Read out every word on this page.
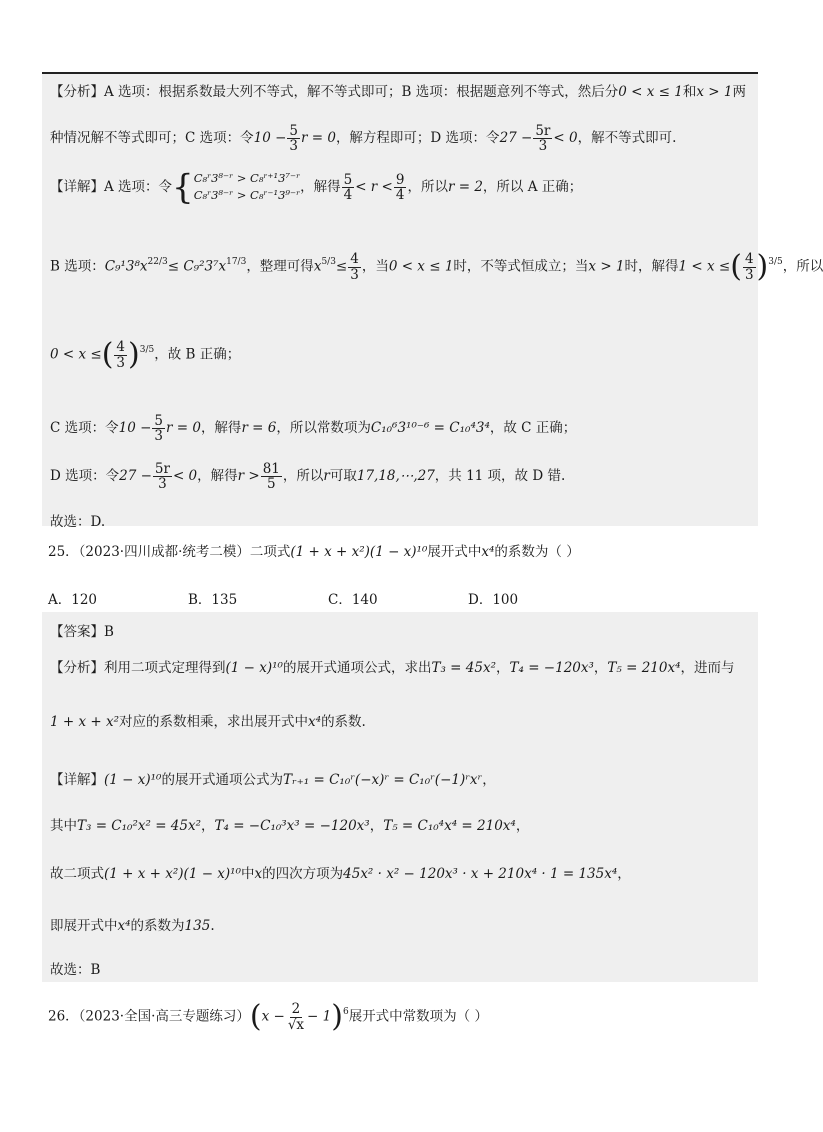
【分析】A 选项：根据系数最大列不等式，解不等式即可；B 选项：根据题意列不等式，然后分0 < x ≤ 1和x > 1两
种情况解不等式即可；C 选项：令$10 - \frac{5}{3}$ r = 0，解方程即可；D 选项：令$27 - \frac{5r}{3} < 0$，解不等式即可.
【详解】A 选项：令{ C₈ʳ3⁸⁻ʳ > C₈ʳ⁺¹3⁷⁻ʳ
C₈ʳ3⁸⁻ʳ > C₈ʳ⁻¹3⁹⁻ʳ
，解得 $\frac{5}{4} < r < \frac{9}{4}$ ，所以r = 2，所以 A 正确；
B 选项：$C_9^13^8x^{22/3}\le C_9^23^7x^{17/3}$，整理可得$x^{5/3}\le \frac{4}{3}$ ，当0 < x ≤ 1时，不等式恒成立；当x > 1时，解得1 < x ≤( $\frac{4}{3} )^{3/5}$，所以
0 < x ≤( $\frac{4}{3} )^{3/5}$，故 B 正确；
C 选项：令$10 - \frac{5}{3}$ r = 0，解得r = 6，所以常数项为C₁₀⁶3¹⁰⁻⁶ = C₁₀⁴3⁴，故 C 正确；
D 选项：令$27 - \frac{5r}{3} < 0$，解得$r > \frac{81}{5}$ ，所以r可取17,18,⋯,27，共 11 项，故 D 错.
故选：D.
25．（2023·四川成都·统考二模）二项式(1 + x + x²)(1 − x)¹⁰展开式中x⁴的系数为（ ）
A．120	B．135	C．140	D．100
【答案】B
【分析】利用二项式定理得到(1 − x)¹⁰的展开式通项公式，求出T₃ = 45x²，T₄ = −120x³，T₅ = 210x⁴，进而与
1 + x + x²对应的系数相乘，求出展开式中x⁴的系数.
【详解】(1 − x)¹⁰的展开式通项公式为Tᵣ₊₁ = C₁₀ʳ(−x)ʳ = C₁₀ʳ(−1)ʳxʳ，
其中T₃ = C₁₀²x² = 45x²，T₄ = −C₁₀³x³ = −120x³，T₅ = C₁₀⁴x⁴ = 210x⁴，
故二项式(1 + x + x²)(1 − x)¹⁰中x的四次方项为45x² · x² − 120x³ · x + 210x⁴ · 1 = 135x⁴，
即展开式中x⁴的系数为135.
故选：B
26．（2023·全国·高三专题练习）$(x - \frac{2}{√x} - 1)^6$展开式中常数项为（ ）
